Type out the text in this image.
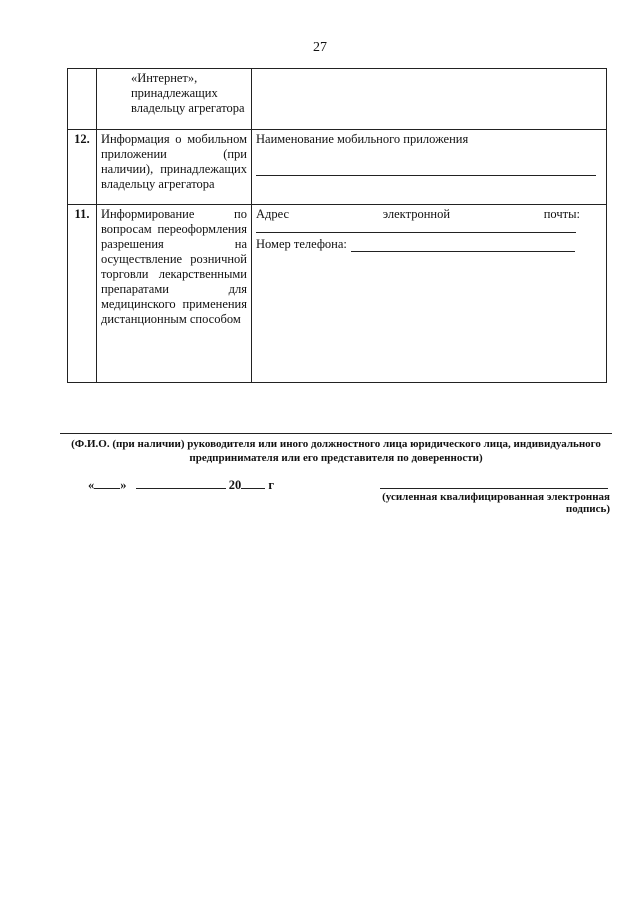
27

	«Интернет»,
принадлежащих
владельцу агрегатора	

12.	Информация о мобильном приложении (при наличии), принадлежащих владельцу агрегатора	Наименование мобильного приложения

11.	Информирование по вопросам переоформления разрешения на осуществление розничной торговли лекарственными препаратами для медицинского применения дистанционным способом	Адрес электронной почты:
Номер телефона:
(Ф.И.О. (при наличии) руководителя или иного должностного лица юридического лица, индивидуального
предпринимателя или его представителя по доверенности)
« »	20 г
(усиленная квалифицированная электронная подпись)
